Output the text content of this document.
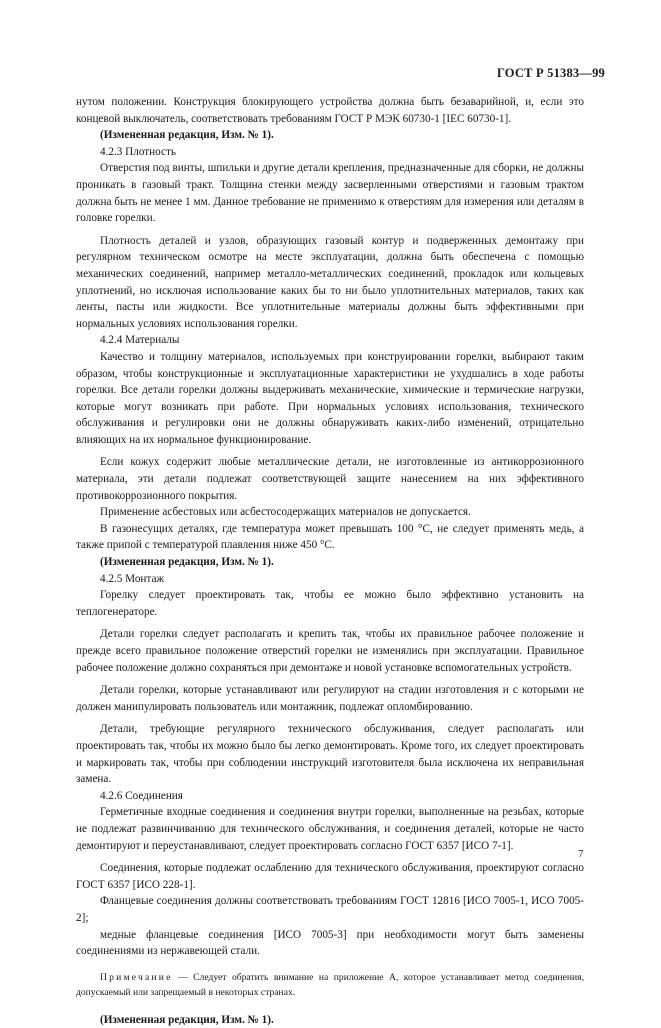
ГОСТ Р 51383—99

нутом положении. Конструкция блокирующего устройства должна быть безаварийной, и, если это концевой выключатель, соответствовать требованиям ГОСТ Р МЭК 60730-1 [IEC 60730-1].

(Измененная редакция, Изм. № 1).

4.2.3 Плотность

Отверстия под винты, шпильки и другие детали крепления, предназначенные для сборки, не должны проникать в газовый тракт. Толщина стенки между засверленными отверстиями и газовым трактом должна быть не менее 1 мм. Данное требование не применимо к отверстиям для измерения или деталям в головке горелки.

Плотность деталей и узлов, образующих газовый контур и подверженных демонтажу при регулярном техническом осмотре на месте эксплуатации, должна быть обеспечена с помощью механических соединений, например металло-металлических соединений, прокладок или кольцевых уплотнений, но исключая использование каких бы то ни было уплотнительных материалов, таких как ленты, пасты или жидкости. Все уплотнительные материалы должны быть эффективными при нормальных условиях использования горелки.

4.2.4 Материалы

Качество и толщину материалов, используемых при конструировании горелки, выбирают таким образом, чтобы конструкционные и эксплуатационные характеристики не ухудшались в ходе работы горелки. Все детали горелки должны выдерживать механические, химические и термические нагрузки, которые могут возникать при работе. При нормальных условиях использования, технического обслуживания и регулировки они не должны обнаруживать каких-либо изменений, отрицательно влияющих на их нормальное функционирование.

Если кожух содержит любые металлические детали, не изготовленные из антикоррозионного материала, эти детали подлежат соответствующей защите нанесением на них эффективного противокоррозионного покрытия.

Применение асбестовых или асбестосодержащих материалов не допускается.

В газонесущих деталях, где температура может превышать 100 °С, не следует применять медь, а также припой с температурой плавления ниже 450 °С.

(Измененная редакция, Изм. № 1).

4.2.5 Монтаж

Горелку следует проектировать так, чтобы ее можно было эффективно установить на теплогенераторе.

Детали горелки следует располагать и крепить так, чтобы их правильное рабочее положение и прежде всего правильное положение отверстий горелки не изменялись при эксплуатации. Правильное рабочее положение должно сохраняться при демонтаже и новой установке вспомогательных устройств.

Детали горелки, которые устанавливают или регулируют на стадии изготовления и с которыми не должен манипулировать пользователь или монтажник, подлежат опломбированию.

Детали, требующие регулярного технического обслуживания, следует располагать или проектировать так, чтобы их можно было бы легко демонтировать. Кроме того, их следует проектировать и маркировать так, чтобы при соблюдении инструкций изготовителя была исключена их неправильная замена.

4.2.6 Соединения

Герметичные входные соединения и соединения внутри горелки, выполненные на резьбах, которые не подлежат развинчиванию для технического обслуживания, и соединения деталей, которые не часто демонтируют и переустанавливают, следует проектировать согласно ГОСТ 6357 [ИСО 7-1].

Соединения, которые подлежат ослаблению для технического обслуживания, проектируют согласно ГОСТ 6357 [ИСО 228-1].

Фланцевые соединения должны соответствовать требованиям ГОСТ 12816 [ИСО 7005-1, ИСО 7005-2];

медные фланцевые соединения [ИСО 7005-3] при необходимости могут быть заменены соединениями из нержавеющей стали.

Примечание — Следует обратить внимание на приложение А, которое устанавливает метод соединения, допускаемый или запрещаемый в некоторых странах.

(Измененная редакция, Изм. № 1).

7
